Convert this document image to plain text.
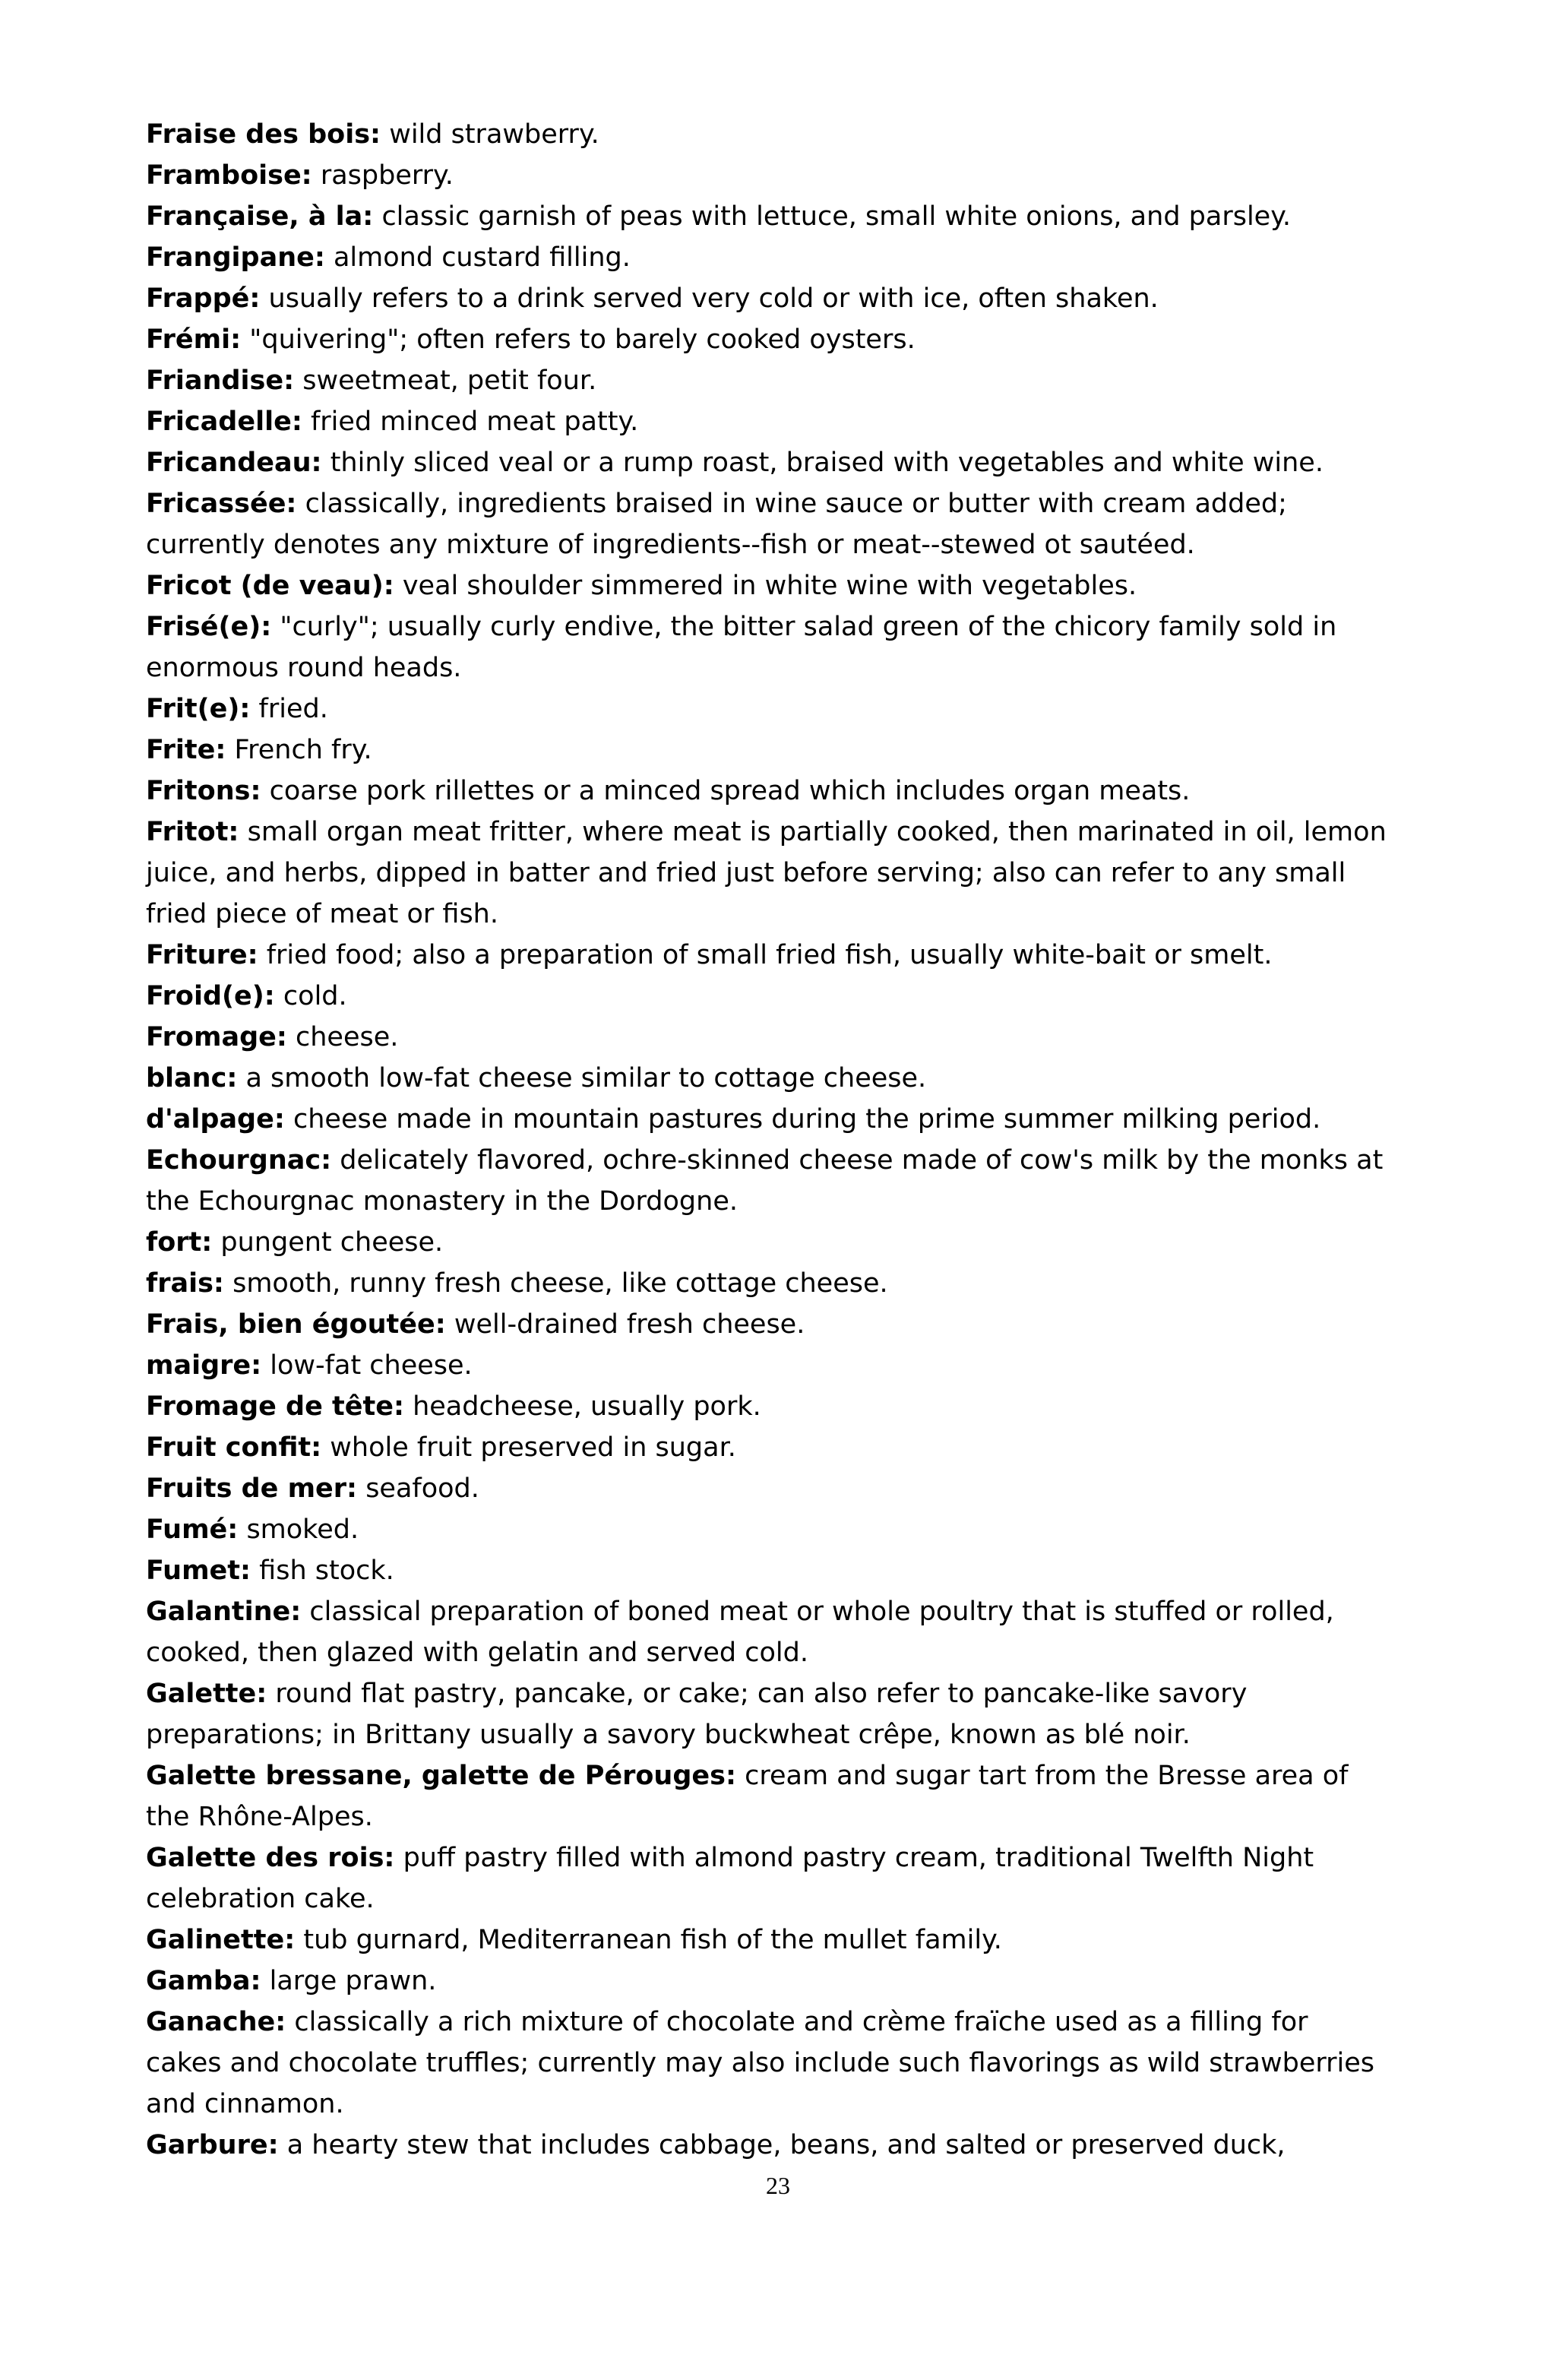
Fraise des bois: wild strawberry.
Framboise: raspberry.
Française, à la: classic garnish of peas with lettuce, small white onions, and parsley.
Frangipane: almond custard filling.
Frappé: usually refers to a drink served very cold or with ice, often shaken.
Frémi: "quivering"; often refers to barely cooked oysters.
Friandise: sweetmeat, petit four.
Fricadelle: fried minced meat patty.
Fricandeau: thinly sliced veal or a rump roast, braised with vegetables and white wine.
Fricassée: classically, ingredients braised in wine sauce or butter with cream added; currently denotes any mixture of ingredients--fish or meat--stewed ot sautéed.
Fricot (de veau): veal shoulder simmered in white wine with vegetables.
Frisé(e): "curly"; usually curly endive, the bitter salad green of the chicory family sold in enormous round heads.
Frit(e): fried.
Frite: French fry.
Fritons: coarse pork rillettes or a minced spread which includes organ meats.
Fritot: small organ meat fritter, where meat is partially cooked, then marinated in oil, lemon juice, and herbs, dipped in batter and fried just before serving; also can refer to any small fried piece of meat or fish.
Friture: fried food; also a preparation of small fried fish, usually white-bait or smelt.
Froid(e): cold.
Fromage: cheese.
blanc: a smooth low-fat cheese similar to cottage cheese.
d'alpage: cheese made in mountain pastures during the prime summer milking period.
Echourgnac: delicately flavored, ochre-skinned cheese made of cow's milk by the monks at the Echourgnac monastery in the Dordogne.
fort: pungent cheese.
frais: smooth, runny fresh cheese, like cottage cheese.
Frais, bien égoutée: well-drained fresh cheese.
maigre: low-fat cheese.
Fromage de tête: headcheese, usually pork.
Fruit confit: whole fruit preserved in sugar.
Fruits de mer: seafood.
Fumé: smoked.
Fumet: fish stock.
Galantine: classical preparation of boned meat or whole poultry that is stuffed or rolled, cooked, then glazed with gelatin and served cold.
Galette: round flat pastry, pancake, or cake; can also refer to pancake-like savory preparations; in Brittany usually a savory buckwheat crêpe, known as blé noir.
Galette bressane, galette de Pérouges: cream and sugar tart from the Bresse area of the Rhône-Alpes.
Galette des rois: puff pastry filled with almond pastry cream, traditional Twelfth Night celebration cake.
Galinette: tub gurnard, Mediterranean fish of the mullet family.
Gamba: large prawn.
Ganache: classically a rich mixture of chocolate and crème fraïche used as a filling for cakes and chocolate truffles; currently may also include such flavorings as wild strawberries and cinnamon.
Garbure: a hearty stew that includes cabbage, beans, and salted or preserved duck,
23
